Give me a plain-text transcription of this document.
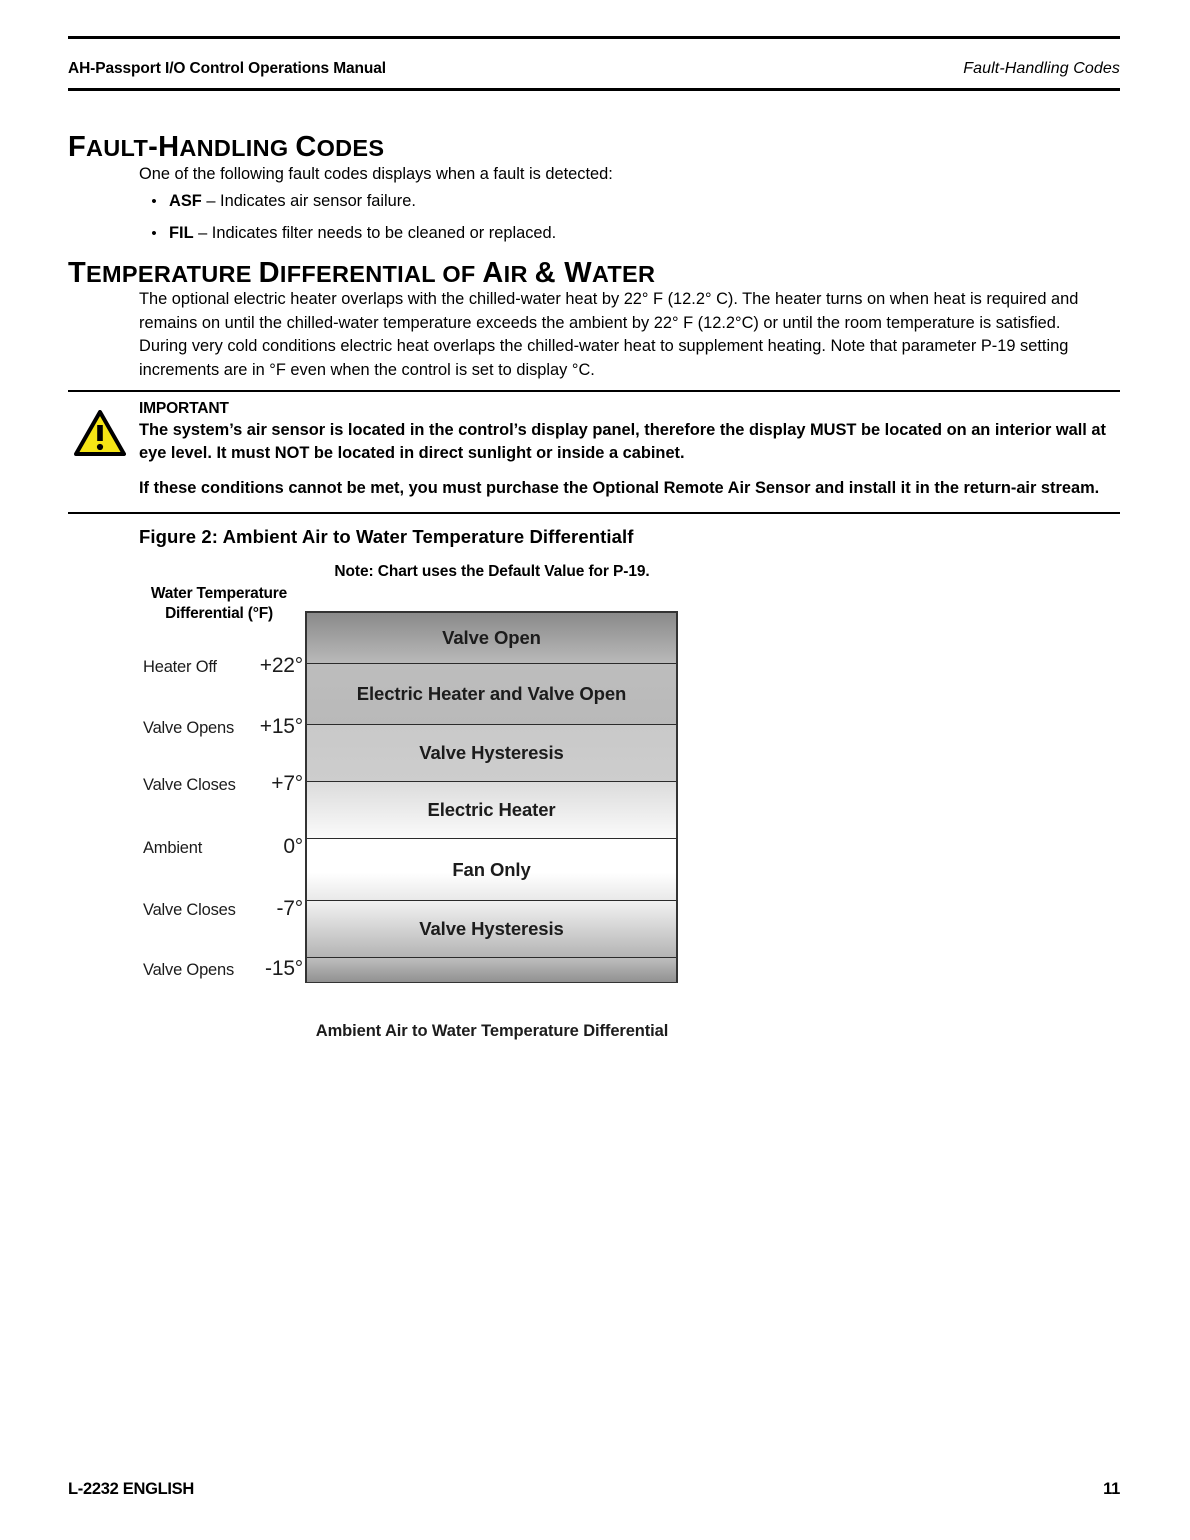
AH-Passport I/O Control Operations Manual	Fault-Handling Codes
FAULT-HANDLING CODES
One of the following fault codes displays when a fault is detected:
• ASF – Indicates air sensor failure.
• FIL – Indicates filter needs to be cleaned or replaced.
TEMPERATURE DIFFERENTIAL OF AIR & WATER
The optional electric heater overlaps with the chilled-water heat by 22° F (12.2° C). The heater turns on when heat is required and remains on until the chilled-water temperature exceeds the ambient by 22° F (12.2°C) or until the room temperature is satisfied. During very cold conditions electric heat overlaps the chilled-water heat to supplement heating. Note that parameter P-19 setting increments are in °F even when the control is set to display °C.
IMPORTANT
The system’s air sensor is located in the control’s display panel, therefore the display MUST be located on an interior wall at eye level. It must NOT be located in direct sunlight or inside a cabinet.
If these conditions cannot be met, you must purchase the Optional Remote Air Sensor and install it in the return-air stream.
Figure 2: Ambient Air to Water Temperature Differentialf
Note: Chart uses the Default Value for P-19.
Water Temperature
Differential (°F)
Valve Open
Electric Heater and Valve Open
Valve Hysteresis
Electric Heater
Fan Only
Valve Hysteresis
Heater Off +22°
Valve Opens +15°
Valve Closes +7°
Ambient	0°
Valve Closes -7°
Valve Opens -15°
Ambient Air to Water Temperature Differential
L-2232 ENGLISH	11
